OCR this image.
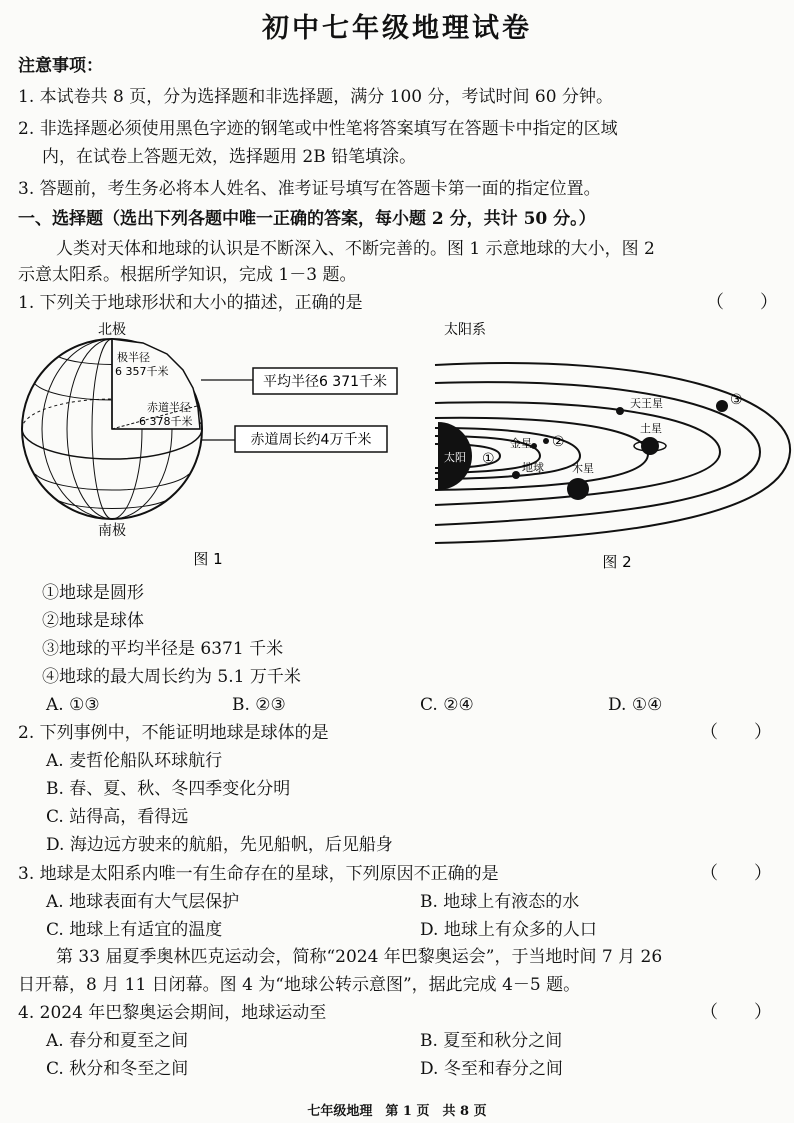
初中七年级地理试卷
注意事项：
1. 本试卷共 8 页，分为选择题和非选择题，满分 100 分，考试时间 60 分钟。
2. 非选择题必须使用黑色字迹的钢笔或中性笔将答案填写在答题卡中指定的区域
内，在试卷上答题无效，选择题用 2B 铅笔填涂。
3. 答题前，考生务必将本人姓名、准考证号填写在答题卡第一面的指定位置。
一、选择题（选出下列各题中唯一正确的答案，每小题 2 分，共计 50 分。）
人类对天体和地球的认识是不断深入、不断完善的。图 1 示意地球的大小，图 2
示意太阳系。根据所学知识，完成 1－3 题。
1. 下列关于地球形状和大小的描述，正确的是	（　　）
北极
极半径
6 357千米
赤道半径
6 378千米
南极
平均半径6 371千米
赤道周长约4万千米
图 1
太阳系
太阳 ①
金星 ②
地球	木星
土星
天王星	③
图 2
①地球是圆形
②地球是球体
③地球的平均半径是 6371 千米
④地球的最大周长约为 5.1 万千米
A. ①③	B. ②③	C. ②④	D. ①④
2. 下列事例中，不能证明地球是球体的是	（　　）
A. 麦哲伦船队环球航行
B. 春、夏、秋、冬四季变化分明
C. 站得高，看得远
D. 海边远方驶来的航船，先见船帆，后见船身
3. 地球是太阳系内唯一有生命存在的星球，下列原因不正确的是	（　　）
A. 地球表面有大气层保护	B. 地球上有液态的水
C. 地球上有适宜的温度	D. 地球上有众多的人口
第 33 届夏季奥林匹克运动会，简称“2024 年巴黎奥运会”，于当地时间 7 月 26
日开幕，8 月 11 日闭幕。图 4 为“地球公转示意图”，据此完成 4－5 题。
4. 2024 年巴黎奥运会期间，地球运动至	（　　）
A. 春分和夏至之间	B. 夏至和秋分之间
C. 秋分和冬至之间	D. 冬至和春分之间
七年级地理　第 1 页　共 8 页
